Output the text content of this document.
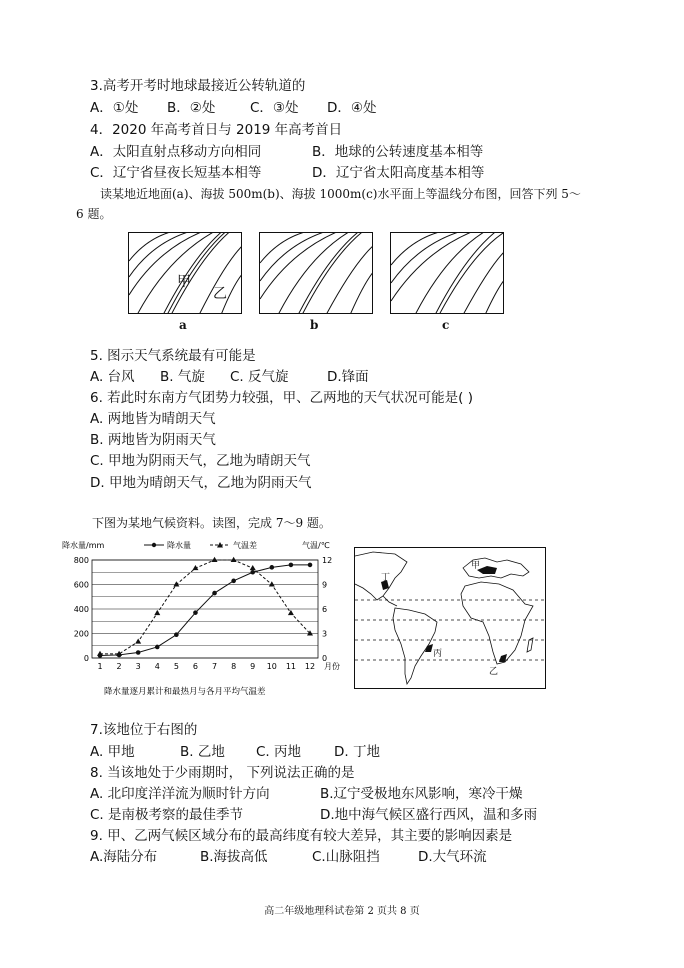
3.高考开考时地球最接近公转轨道的
A．①处 B．②处	C．③处 D．④处
4．2020 年高考首日与 2019 年高考首日
A．太阳直射点移动方向相同	B．地球的公转速度基本相等
C．辽宁省昼夜长短基本相等	D．辽宁省太阳高度基本相等
读某地近地面(a)、海拔 500m(b)、海拔 1000m(c)水平面上等温线分布图，回答下列 5～
6 题。
甲
乙
a	b	c
5. 图示天气系统最有可能是
A. 台风 B. 气旋 C. 反气旋	D.锋面
6. 若此时东南方气团势力较强，甲、乙两地的天气状况可能是( )
A. 两地皆为晴朗天气
B. 两地皆为阴雨天气
C. 甲地为阴雨天气，乙地为晴朗天气
D. 甲地为晴朗天气，乙地为阴雨天气
下图为某地气候资料。读图，完成 7～9 题。
0
200
400
600
800
0
3
6
9
12
1 2 3 4 5 6 7 8 9 10 11 12 月份
降水量/mm	气温/℃
降水量	气温差
降水量逐月累计和最热月与各月平均气温差
丁
甲
丙
乙
7.该地位于右图的
A. 甲地	B. 乙地 C. 丙地 D. 丁地
8. 当该地处于少雨期时， 下列说法正确的是
A. 北印度洋洋流为顺时针方向	B.辽宁受极地东风影响，寒冷干燥
C. 是南极考察的最佳季节	D.地中海气候区盛行西风，温和多雨
9. 甲、乙两气候区域分布的最高纬度有较大差异，其主要的影响因素是
A.海陆分布	B.海拔高低	C.山脉阻挡	D.大气环流
高二年级地理科试卷第 2 页共 8 页
